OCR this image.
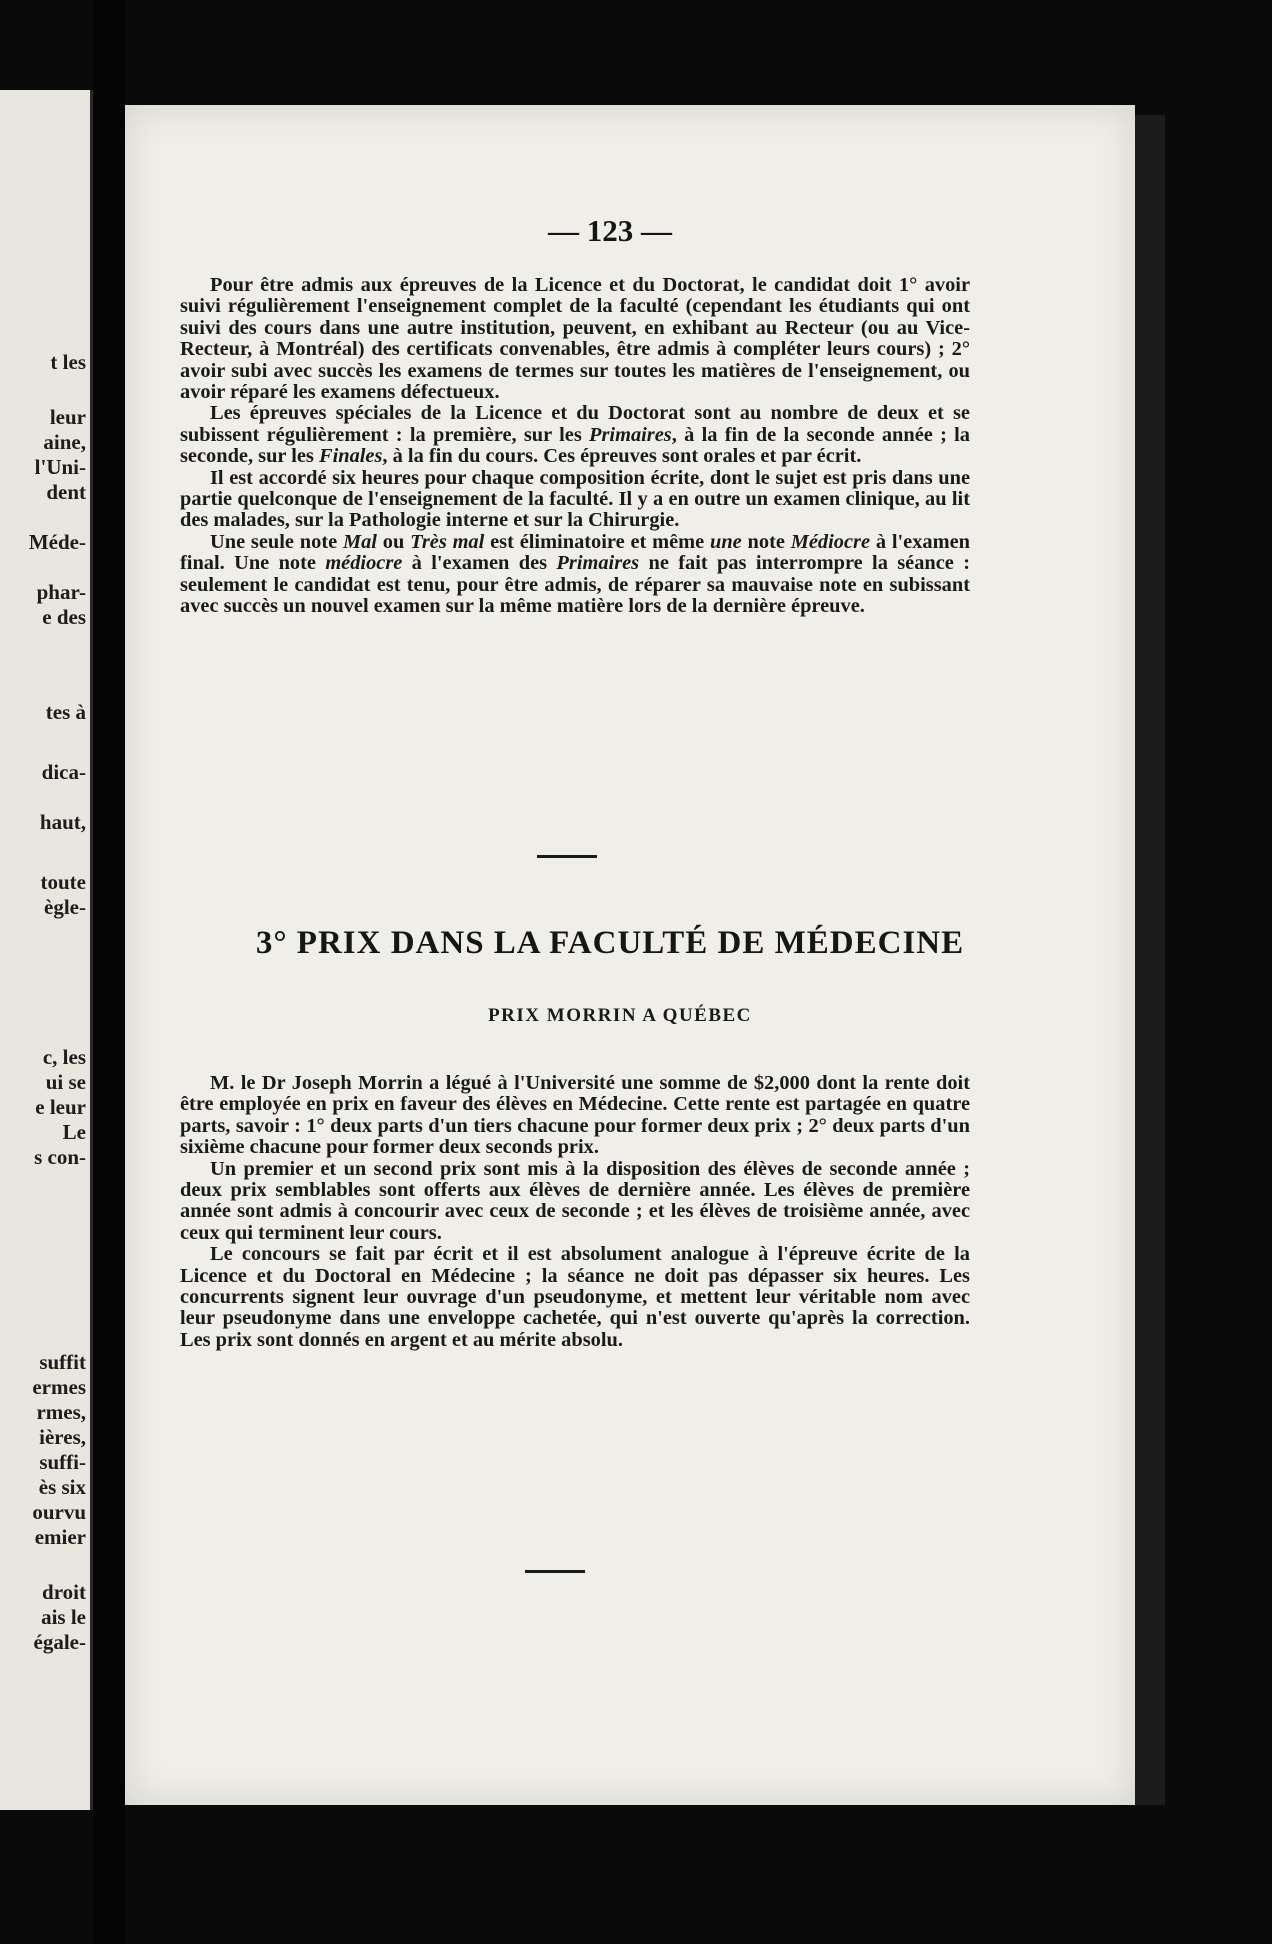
t les
leur
aine,
l'Uni-
dent
Méde-
phar-
e des
tes à
dica-
haut,
toute
ègle-
c, les
ui se
e leur
Le
s con-
suffit
ermes
rmes,
ières,
suffi-
ès six
ourvu
emier
droit
ais le
égale-
— 123 —

Pour être admis aux épreuves de la Licence et du Doctorat, le candidat doit 1° avoir suivi régulièrement l'enseignement complet de la faculté (cependant les étudiants qui ont suivi des cours dans une autre institution, peuvent, en exhibant au Recteur (ou au Vice-Recteur, à Montréal) des certificats convenables, être admis à compléter leurs cours) ; 2° avoir subi avec succès les examens de termes sur toutes les matières de l'enseignement, ou avoir réparé les examens défectueux.

Les épreuves spéciales de la Licence et du Doctorat sont au nombre de deux et se subissent régulièrement : la première, sur les Primaires, à la fin de la seconde année ; la seconde, sur les Finales, à la fin du cours. Ces épreuves sont orales et par écrit.

Il est accordé six heures pour chaque composition écrite, dont le sujet est pris dans une partie quelconque de l'enseignement de la faculté. Il y a en outre un examen clinique, au lit des malades, sur la Pathologie interne et sur la Chirurgie.

Une seule note Mal ou Très mal est éliminatoire et même une note Médiocre à l'examen final. Une note médiocre à l'examen des Primaires ne fait pas interrompre la séance : seulement le candidat est tenu, pour être admis, de réparer sa mauvaise note en subissant avec succès un nouvel examen sur la même matière lors de la dernière épreuve.

3° PRIX DANS LA FACULTÉ DE MÉDECINE
PRIX MORRIN A QUÉBEC

M. le Dr Joseph Morrin a légué à l'Université une somme de $2,000 dont la rente doit être employée en prix en faveur des élèves en Médecine. Cette rente est partagée en quatre parts, savoir : 1° deux parts d'un tiers chacune pour former deux prix ; 2° deux parts d'un sixième chacune pour former deux seconds prix.

Un premier et un second prix sont mis à la disposition des élèves de seconde année ; deux prix semblables sont offerts aux élèves de dernière année. Les élèves de première année sont admis à concourir avec ceux de seconde ; et les élèves de troisième année, avec ceux qui terminent leur cours.

Le concours se fait par écrit et il est absolument analogue à l'épreuve écrite de la Licence et du Doctoral en Médecine ; la séance ne doit pas dépasser six heures. Les concurrents signent leur ouvrage d'un pseudonyme, et mettent leur véritable nom avec leur pseudonyme dans une enveloppe cachetée, qui n'est ouverte qu'après la correction. Les prix sont donnés en argent et au mérite absolu.
